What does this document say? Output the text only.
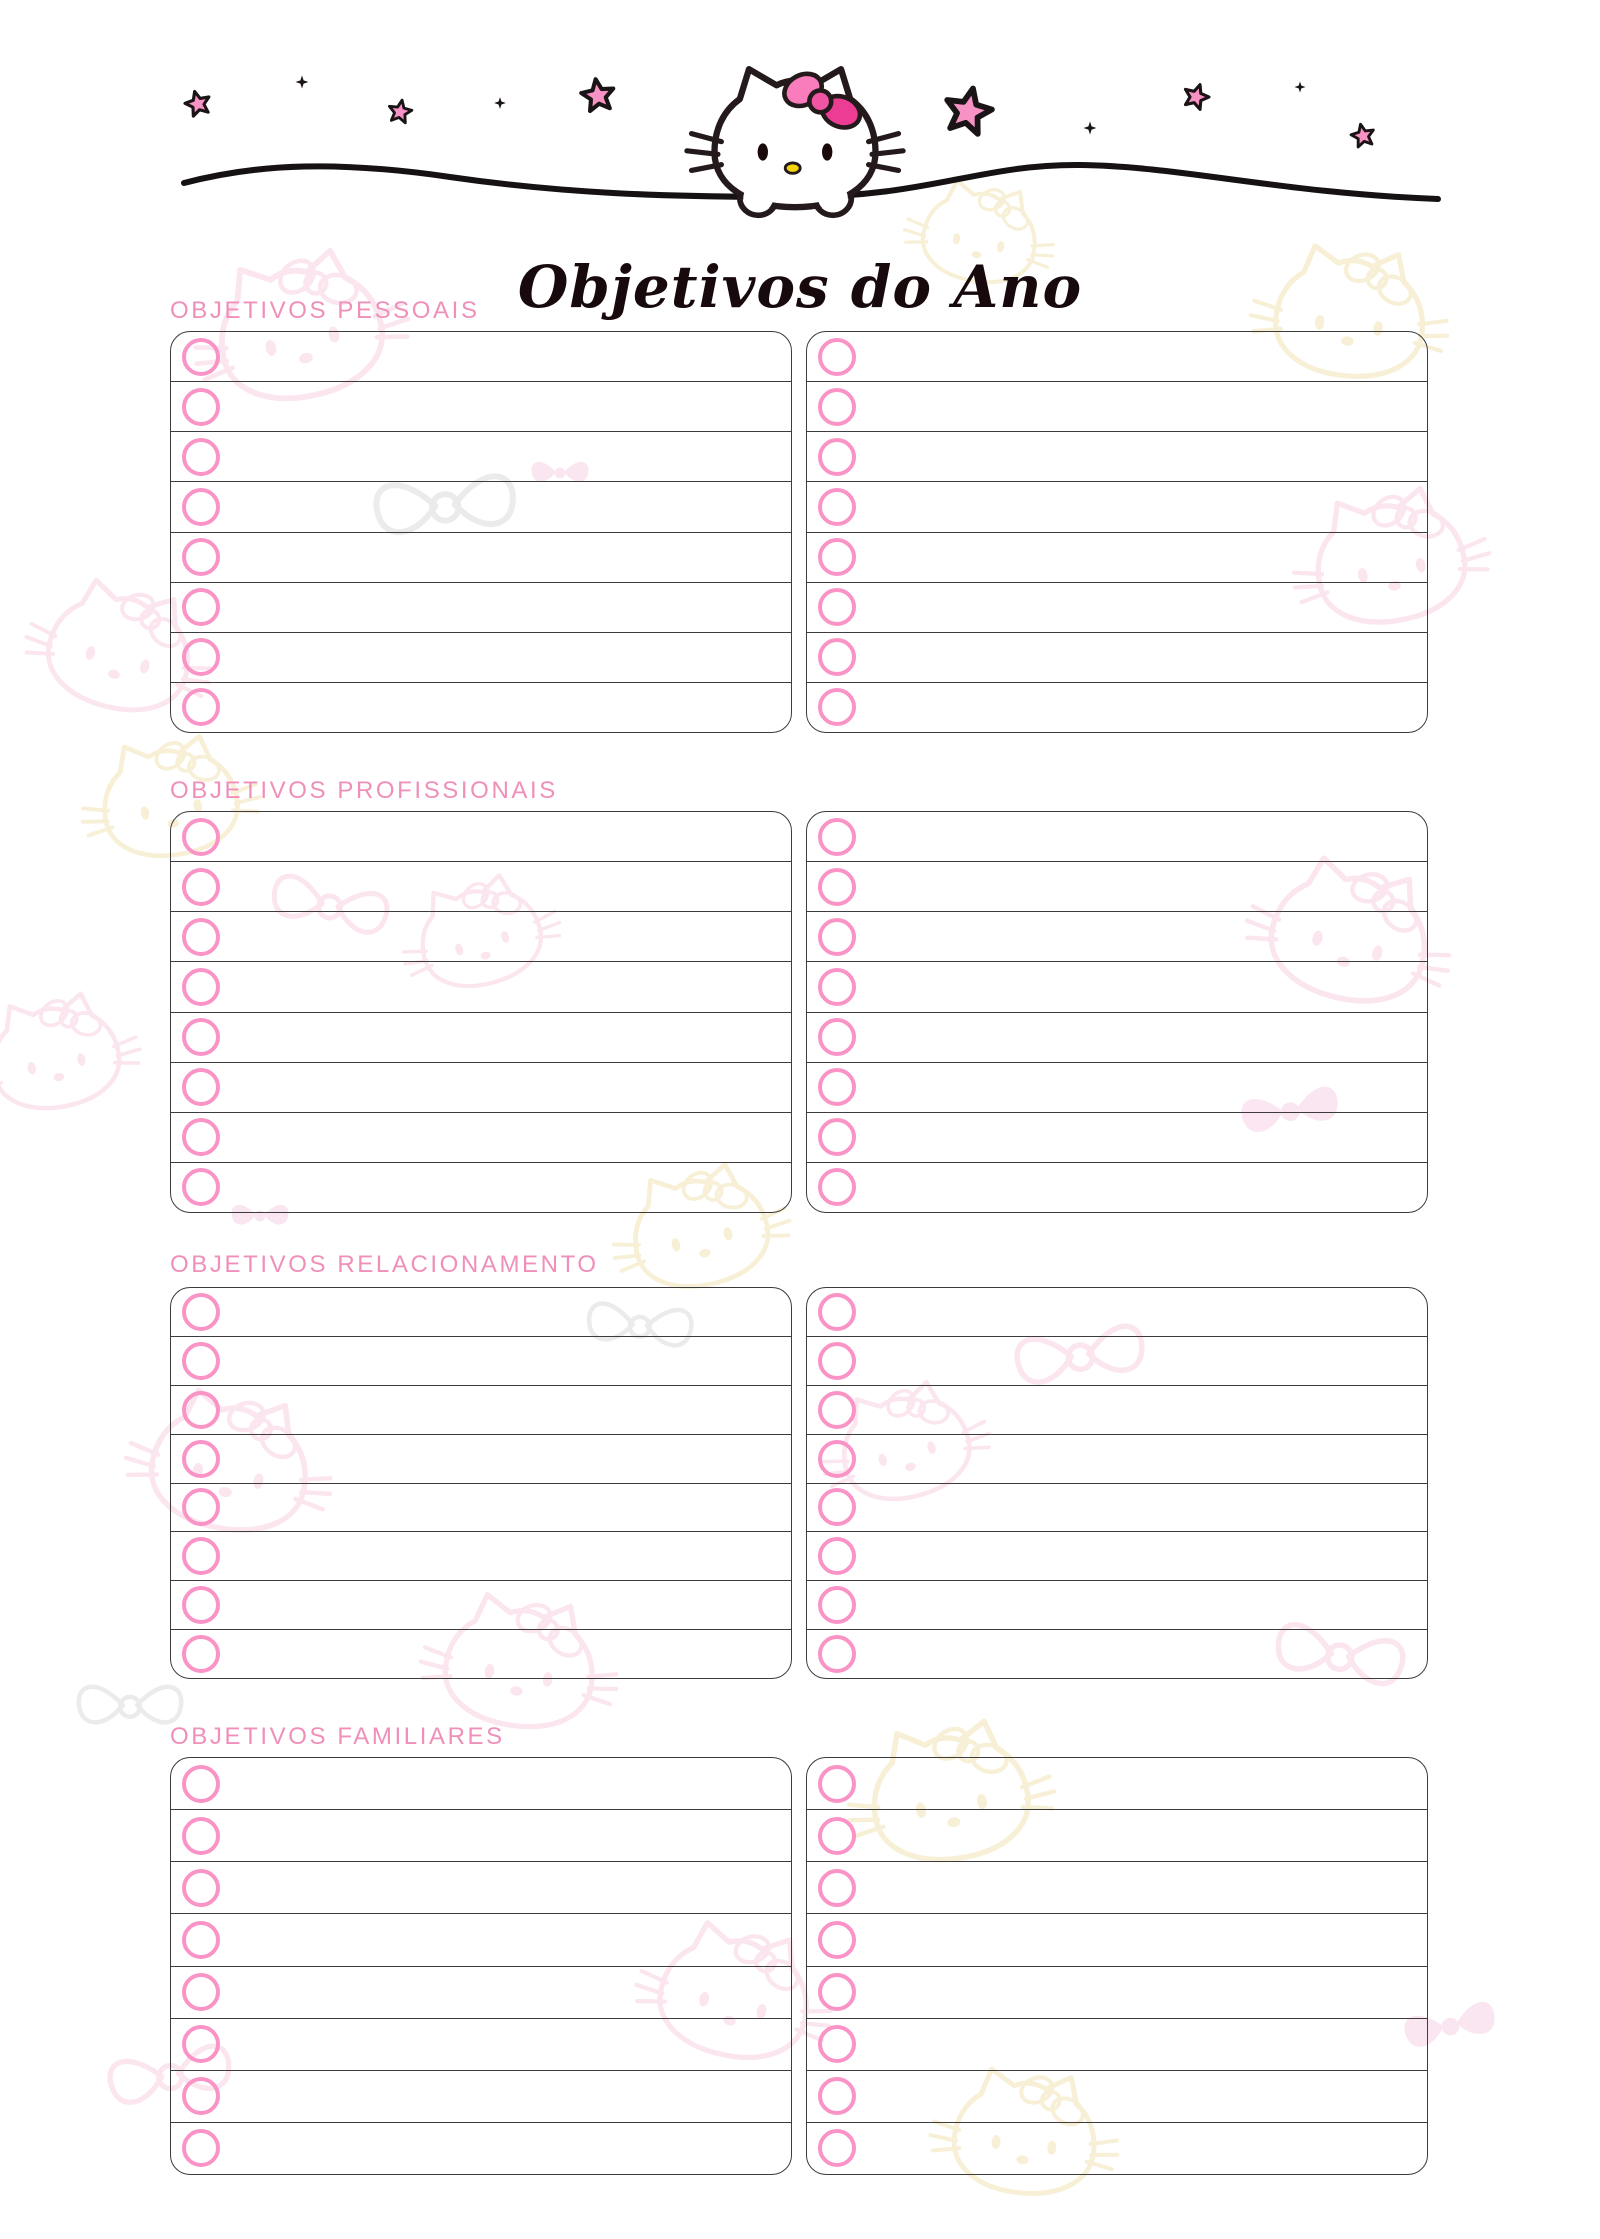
Objetivos do Ano
OBJETIVOS PESSOAIS
OBJETIVOS PROFISSIONAIS
OBJETIVOS RELACIONAMENTO
OBJETIVOS FAMILIARES
